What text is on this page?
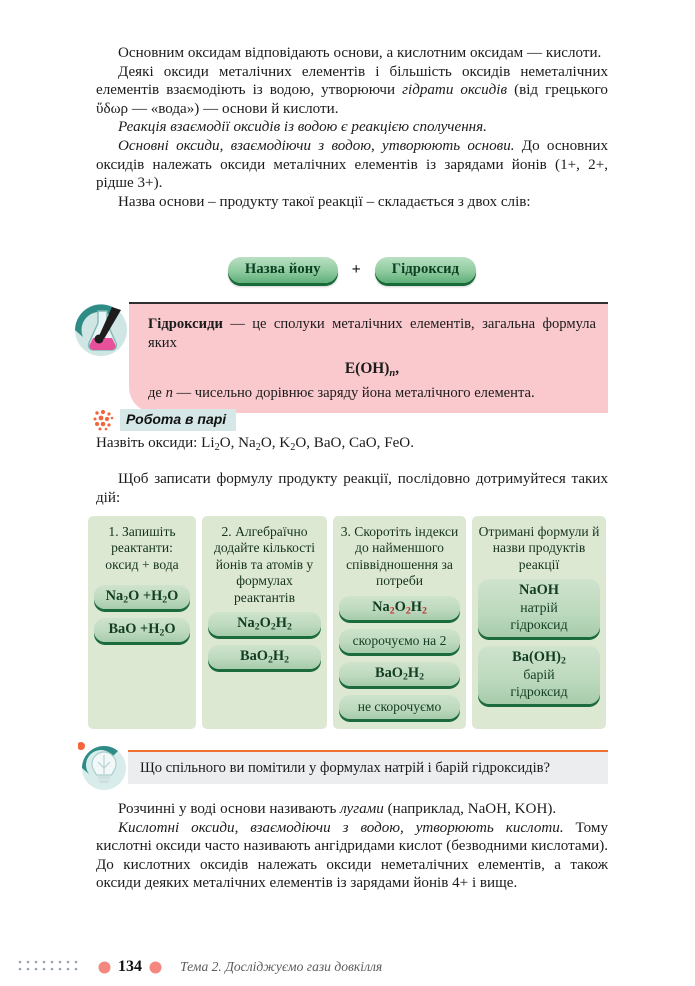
Основним оксидам відповідають основи, а кислотним оксидам — кислоти.

Деякі оксиди металічних елементів і більшість оксидів неметалічних елементів взаємодіють із водою, утворюючи гідрати оксидів (від грецького ὕδωρ — «вода») — основи й кислоти.

Реакція взаємодії оксидів із водою є реакцією сполучення.

Основні оксиди, взаємодіючи з водою, утворюють основи. До основних оксидів належать оксиди металічних елементів із зарядами йонів (1+, 2+, рідше 3+).

Назва основи – продукту такої реакції – складається з двох слів:

Назва йону	+	Гідроксид

Гідроксиди — це сполуки металічних елементів, загальна формула яких

$E(OH)_n$,

де n — чисельно дорівнює заряду йона металічного елемента.

Робота в парі
Назвіть оксиди: $Li_2O$, $Na_2O$, $K_2O$, BaO, CaO, FeO.

Щоб записати формулу продукту реакції, послідовно дотримуйтеся таких дій:

1. Запишіть реактанти: оксид + вода
$Na_2O +H_2O$
BaO $+H_2O$
2. Алгебраїчно додайте кількості йонів та атомів у формулах реактантів
$Na_2O_2H_2$
$BaO_2H_2$
3. Скоротіть індекси до найменшого співвідношення за потреби
$Na_2O_2H_2$
скорочуємо на 2
$BaO_2H_2$
не скорочуємо
Отримані формули й назви продуктів реакції
NaOH
натрій
гідроксид
$Ba(OH)_2$
барій
гідроксид
Що спільного ви помітили у формулах натрій і барій гідроксидів?

Розчинні у воді основи називають лугами (наприклад, NaOH, KOH).

Кислотні оксиди, взаємодіючи з водою, утворюють кислоти. Тому кислотні оксиди часто називають ангідридами кислот (безводними кислотами). До кислотних оксидів належать оксиди неметалічних елементів, а також оксиди деяких металічних елементів із зарядами йонів 4+ і вище.

134	Тема 2. Досліджуємо гази довкілля
